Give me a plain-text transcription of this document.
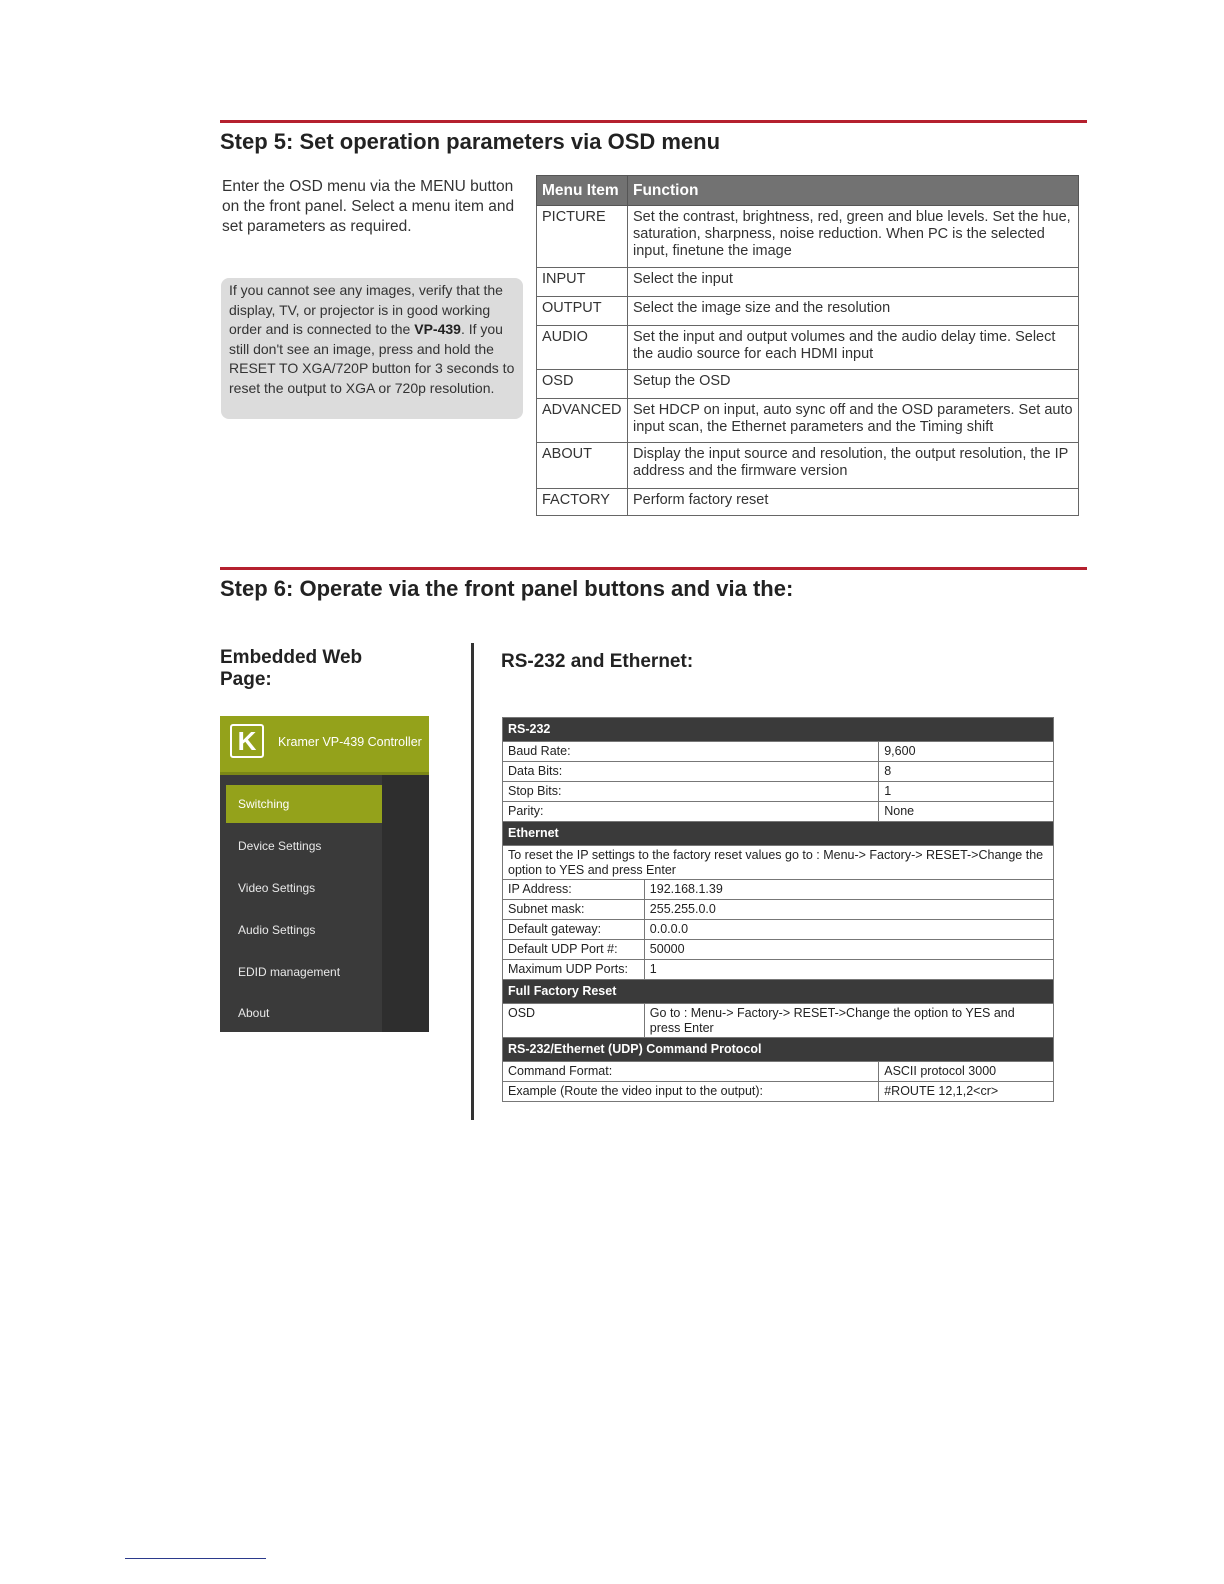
Step 5: Set operation parameters via OSD menu

Enter the OSD menu via the MENU button on the front panel. Select a menu item and set parameters as required.

If you cannot see any images, verify that the display, TV, or projector is in good working order and is connected to the VP-439. If you still don't see an image, press and hold the RESET TO XGA/720P button for 3 seconds to reset the output to XGA or 720p resolution.
Menu Item	Function
PICTURE	Set the contrast, brightness, red, green and blue levels. Set the hue, saturation, sharpness, noise reduction. When PC is the selected input, finetune the image
INPUT	Select the input
OUTPUT	Select the image size and the resolution
AUDIO	Set the input and output volumes and the audio delay time. Select the audio source for each HDMI input
OSD	Setup the OSD
ADVANCED	Set HDCP on input, auto sync off and the OSD parameters. Set auto input scan, the Ethernet parameters and the Timing shift
ABOUT	Display the input source and resolution, the output resolution, the IP address and the firmware version
FACTORY	Perform factory reset
Step 6: Operate via the front panel buttons and via the:
Embedded Web
Page:
RS-232 and Ethernet:
K	Kramer VP-439 Controller
Switching
Device Settings
Video Settings
Audio Settings
EDID management
About
RS-232		
Baud Rate:		9,600
Data Bits:		8
Stop Bits:		1
Parity:		None
Ethernet		
To reset the IP settings to the factory reset values go to : Menu-> Factory-> RESET->Change the option to YES and press Enter		
IP Address:	192.168.1.39	
Subnet mask:	255.255.0.0	
Default gateway:	0.0.0.0	
Default UDP Port #:	50000	
Maximum UDP Ports:	1	
Full Factory Reset		
OSD	Go to : Menu-> Factory-> RESET->Change the option to YES and press Enter	
RS-232/Ethernet (UDP) Command Protocol		
Command Format:		ASCII protocol 3000
Example (Route the video input to the output):		#ROUTE 12,1,2<cr>
